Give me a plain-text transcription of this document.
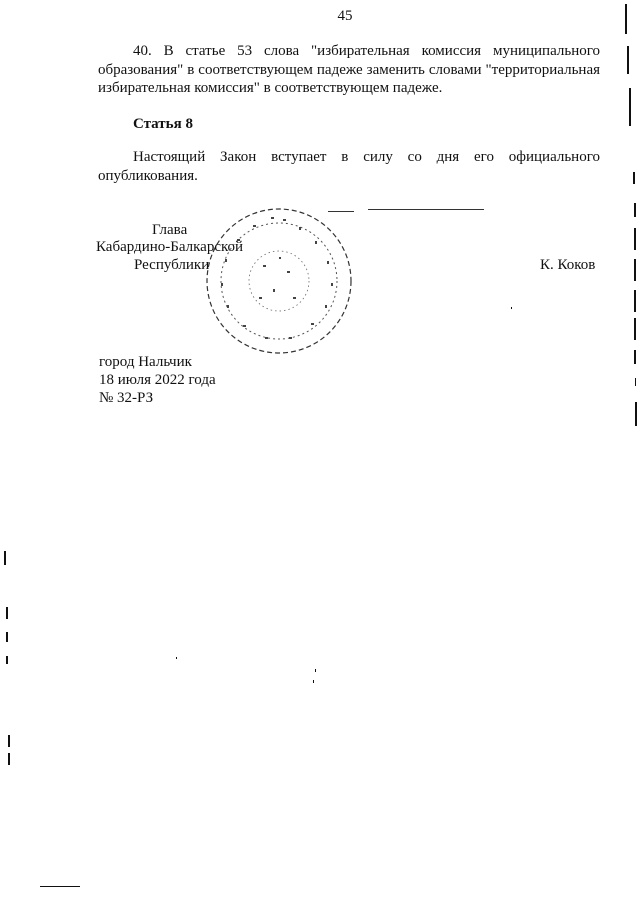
45
40. В статье 53 слова "избирательная комиссия муниципального образования" в соответствующем падеже заменить словами "территориальная избирательная комиссия" в соответствующем падеже.
Статья 8
Настоящий Закон вступает в силу со дня его официального опубликования.
Глава
Кабардино-Балкарской
Республики	К. Коков
город Нальчик
18 июля 2022 года
№ 32-РЗ
